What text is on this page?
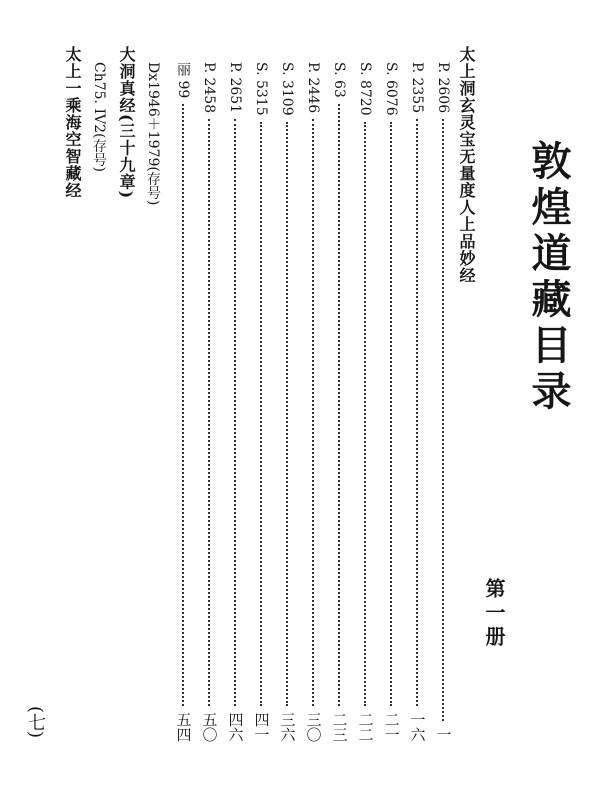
敦煌道藏目录
第一册
太上洞玄灵宝无量度人上品妙经
P. 2606
一
P. 2355
一六
S. 6076
二一
S. 8720
二二
S. 63
二三
P. 2446
三〇
S. 3109
三六
S. 5315
四一
P. 2651
四六
P. 2458
五〇
丽 99
五四
Dx1946＋1979(存号)
大洞真经(三十九章)
Ch75. IV2(存号)
太上一乘海空智藏经
(七)
